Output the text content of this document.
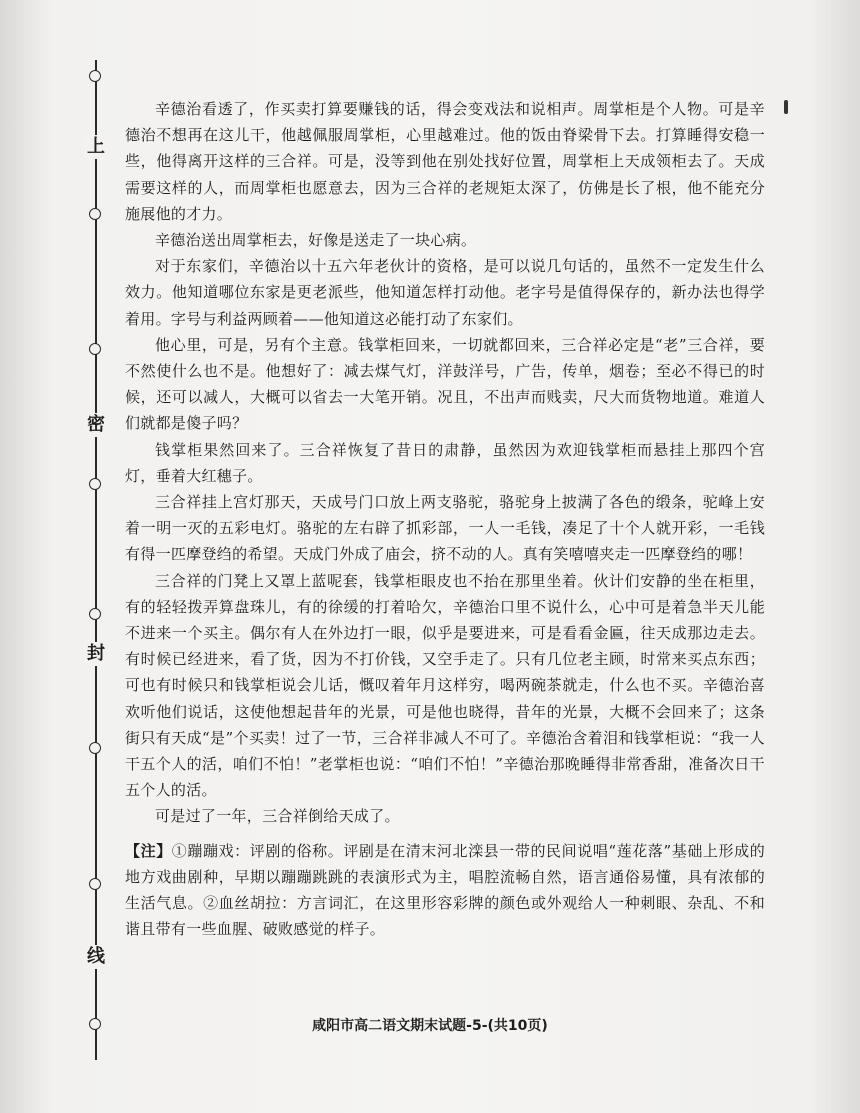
上
密
封
线

辛德治看透了，作买卖打算要赚钱的话，得会变戏法和说相声。周掌柜是个人物。可是辛德治不想再在这儿干，他越佩服周掌柜，心里越难过。他的饭由脊梁骨下去。打算睡得安稳一些，他得离开这样的三合祥。可是，没等到他在别处找好位置，周掌柜上天成领柜去了。天成需要这样的人，而周掌柜也愿意去，因为三合祥的老规矩太深了，仿佛是长了根，他不能充分施展他的才力。

辛德治送出周掌柜去，好像是送走了一块心病。

对于东家们，辛德治以十五六年老伙计的资格，是可以说几句话的，虽然不一定发生什么效力。他知道哪位东家是更老派些，他知道怎样打动他。老字号是值得保存的，新办法也得学着用。字号与利益两顾着——他知道这必能打动了东家们。

他心里，可是，另有个主意。钱掌柜回来，一切就都回来，三合祥必定是“老”三合祥，要不然使什么也不是。他想好了：减去煤气灯，洋鼓洋号，广告，传单，烟卷；至必不得已的时候，还可以减人，大概可以省去一大笔开销。况且，不出声而贱卖，尺大而货物地道。难道人们就都是傻子吗？

钱掌柜果然回来了。三合祥恢复了昔日的肃静，虽然因为欢迎钱掌柜而悬挂上那四个宫灯，垂着大红穗子。

三合祥挂上宫灯那天，天成号门口放上两支骆驼，骆驼身上披满了各色的缎条，驼峰上安着一明一灭的五彩电灯。骆驼的左右辟了抓彩部，一人一毛钱，凑足了十个人就开彩，一毛钱有得一匹摩登绉的希望。天成门外成了庙会，挤不动的人。真有笑嘻嘻夹走一匹摩登绉的哪！

三合祥的门凳上又罩上蓝呢套，钱掌柜眼皮也不抬在那里坐着。伙计们安静的坐在柜里，有的轻轻拨弄算盘珠儿，有的徐缓的打着哈欠，辛德治口里不说什么，心中可是着急半天儿能不进来一个买主。偶尔有人在外边打一眼，似乎是要进来，可是看看金匾，往天成那边走去。有时候已经进来，看了货，因为不打价钱，又空手走了。只有几位老主顾，时常来买点东西；可也有时候只和钱掌柜说会儿话，慨叹着年月这样穷，喝两碗茶就走，什么也不买。辛德治喜欢听他们说话，这使他想起昔年的光景，可是他也晓得，昔年的光景，大概不会回来了；这条街只有天成“是”个买卖！过了一节，三合祥非减人不可了。辛德治含着泪和钱掌柜说：“我一人干五个人的活，咱们不怕！”老掌柜也说：“咱们不怕！”辛德治那晚睡得非常香甜，准备次日干五个人的活。

可是过了一年，三合祥倒给天成了。

【注】①蹦蹦戏：评剧的俗称。评剧是在清末河北滦县一带的民间说唱“莲花落”基础上形成的地方戏曲剧种，早期以蹦蹦跳跳的表演形式为主，唱腔流畅自然，语言通俗易懂，具有浓郁的生活气息。②血丝胡拉：方言词汇，在这里形容彩牌的颜色或外观给人一种刺眼、杂乱、不和谐且带有一些血腥、破败感觉的样子。

咸阳市高二语文期末试题-5-(共10页)
